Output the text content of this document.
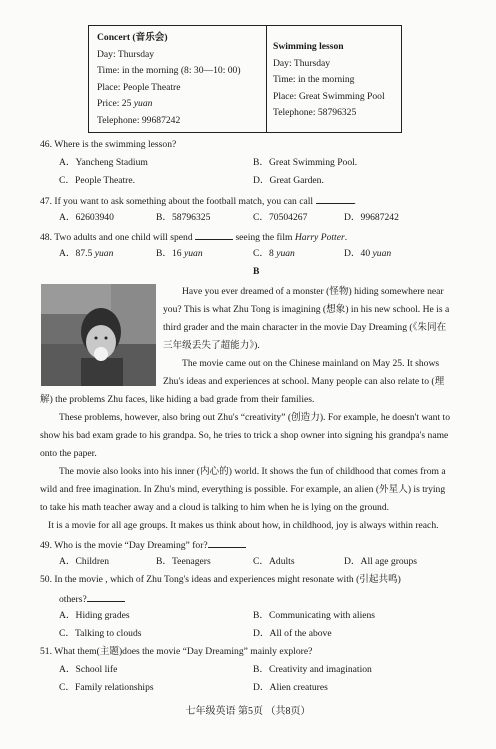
Concert (音乐会)
Day: Thursday
Time: in the morning (8: 30—10: 00)
Place: People Theatre
Price: 25 yuan
Telephone: 99687242
Swimming lesson
Day: Thursday
Time: in the morning
Place: Great Swimming Pool
Telephone: 58796325
46. Where is the swimming lesson?
A．Yancheng Stadium	B．Great Swimming Pool.
C．People Theatre.	D．Great Garden.
47. If you want to ask something about the football match, you can call	.
A．62603940	B．58796325	C．70504267	D．99687242
48. Two adults and one child will spend	seeing the film Harry Potter.
A．87.5 yuan	B．16 yuan	C．8 yuan	D．40 yuan
B
Have you ever dreamed of a monster (怪物) hiding somewhere near
you? This is what Zhu Tong is imagining (想象) in his new school. He is a
third grader and the main character in the movie Day Dreaming (《朱同在
三年级丢失了超能力》).
The movie came out on the Chinese mainland on May 25. It shows
Zhu's ideas and experiences at school. Many people can also relate to (理
解) the problems Zhu faces, like hiding a bad grade from their families.
These problems, however, also bring out Zhu's “creativity” (创造力). For example, he doesn't want to
show his bad exam grade to his grandpa. So, he tries to trick a shop owner into signing his grandpa's name
onto the paper.
The movie also looks into his inner (内心的) world. It shows the fun of childhood that comes from a
wild and free imagination. In Zhu's mind, everything is possible. For example, an alien (外星人) is trying
to take his math teacher away and a cloud is talking to him when he is lying on the ground.
It is a movie for all age groups. It makes us think about how, in childhood, joy is always within reach.
49. Who is the movie “Day Dreaming” for?
A．Children	B．Teenagers	C．Adults	D．All age groups
50. In the movie , which of Zhu Tong's ideas and experiences might resonate with (引起共鸣)
others?
A．Hiding grades	B．Communicating with aliens
C．Talking to clouds	D．All of the above
51. What them(主题)does the movie “Day Dreaming” mainly explore?
A．School life	B．Creativity and imagination
C．Family relationships	D．Alien creatures
七年级英语 第5页 （共8页）
